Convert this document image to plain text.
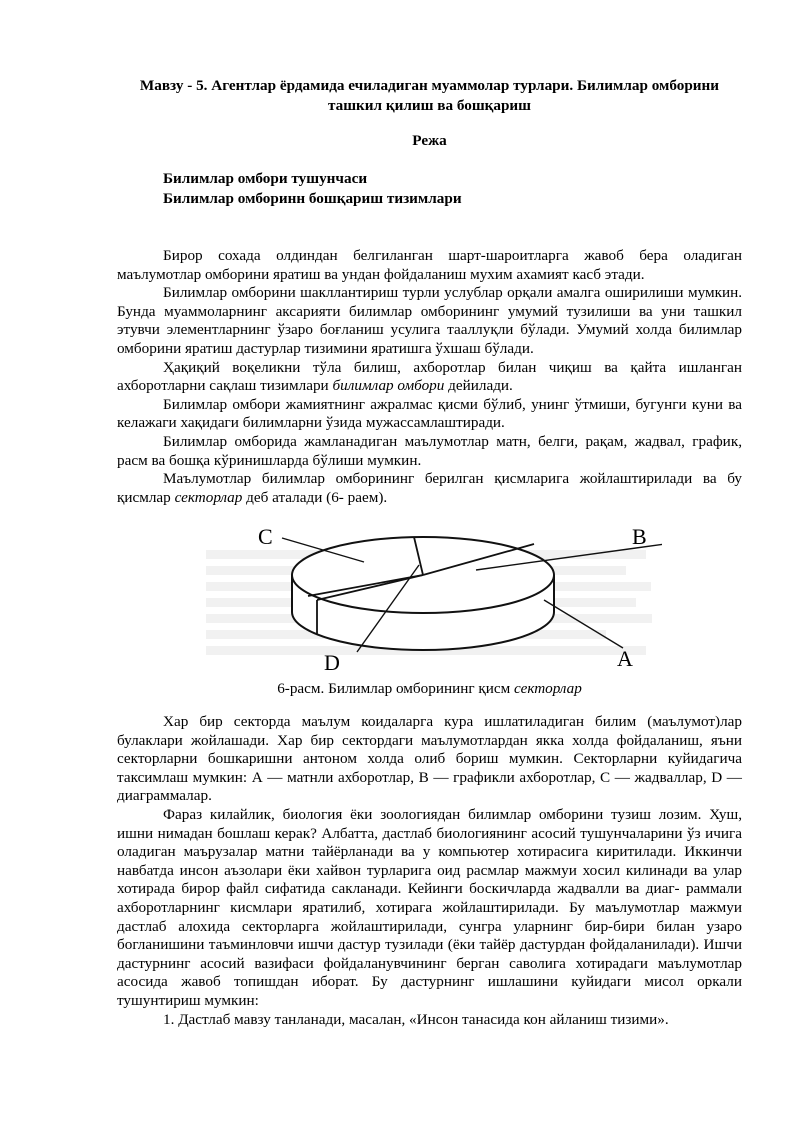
Мавзу - 5. Агентлар ёрдамида ечиладиган муаммолар турлари. Билимлар омборини
ташкил қилиш ва бошқариш
Режа
Билимлар омбори тушунчаси
Билимлар омборинн бошқариш тизимлари

Бирор сохада олдиндан белгиланган шарт-шароитларга жавоб бера оладиган маълумотлар омборини яратиш ва ундан фойдаланиш мухим ахамият касб этади.

Билимлар омборини шакллантириш турли услублар орқали амалга оширилиши мумкин. Бунда муаммоларнинг аксарияти билимлар омборининг умумий тузилиши ва уни ташкил этувчи элементларнинг ўзаро боғланиш усулига тааллуқли бўлади. Умумий холда билимлар омборини яратиш дастурлар тизимини яратишга ўхшаш бўлади.

Ҳақиқий воқеликни тўла билиш, ахборотлар билан чиқиш ва қайта ишланган ахборотларни сақлаш тизимлари билимлар омбори дейилади.

Билимлар омбори жамиятнинг ажралмас қисми бўлиб, унинг ўтмиши, бугунги куни ва келажаги хақидаги билимларни ўзида мужассамлаштиради.

Билимлар омборида жамланадиган маълумотлар матн, белги, рақам, жадвал, график, расм ва бошқа кўринишларда бўлиши мумкин.

Маълумотлар билимлар омборининг берилган қисмларига жойлаштирилади ва бу қисмлар секторлар деб аталади (6- раем).

C	B
D	A
6-расм. Билимлар омборининг қисм секторлар

Хар бир секторда маълум коидаларга кура ишлатиладиган билим (маълумот)лар булаклари жойлашади. Хар бир сектордаги маълумотлардан якка холда фойдаланиш, яъни секторларни бошкаришни антоном холда олиб бориш мумкин. Секторларни куйидагича таксимлаш мумкин: А — матнли ахборотлар, В — графикли ахборотлар, С — жадваллар, D — диаграммалар.

Фараз килайлик, биология ёки зоологиядан билимлар омборини тузиш лозим. Хуш, ишни нимадан бошлаш керак? Албатта, дастлаб биологиянинг асосий тушунчаларини ўз ичига оладиган маърузалар матни тайёрланади ва у компьютер хотирасига киритилади. Иккинчи навбатда инсон аъзолари ёки хайвон турларига оид расмлар мажмуи хосил килинади ва улар хотирада бирор файл сифатида сакланади. Кейинги боскичларда жадвалли ва диаг- раммали ахборотларнинг кисмлари яратилиб, хотирага жойлаштирилади. Бу маълумотлар мажмуи дастлаб алохида секторларга жойлаштирилади, сунгра уларнинг бир-бири билан узаро богланишини таъминловчи ишчи дастур тузилади (ёки тайёр дастурдан фойдаланилади). Ишчи дастурнинг асосий вазифаси фойдаланувчининг берган саволига хотирадаги маълумотлар асосида жавоб топишдан иборат. Бу дастурнинг ишлашини куйидаги мисол оркали тушунтириш мумкин:

1. Дастлаб мавзу танланади, масалан, «Инсон танасида кон айланиш тизими».
